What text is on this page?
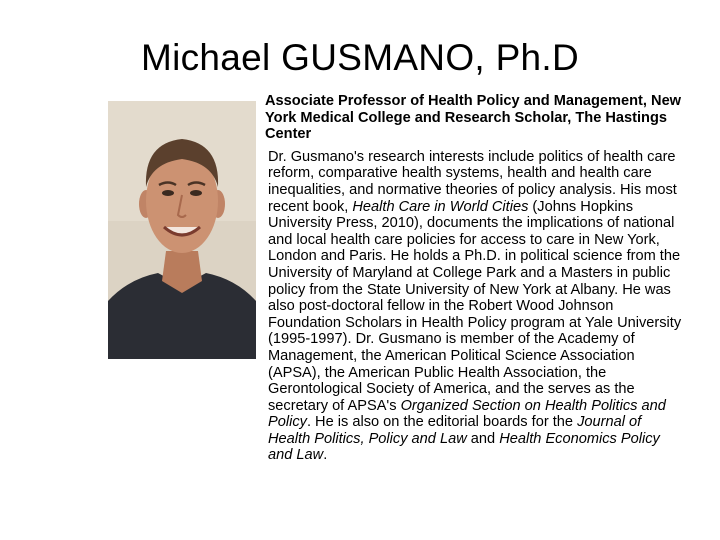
Michael GUSMANO, Ph.D

Associate Professor of Health Policy and Management, New York Medical College and Research Scholar, The Hastings Center

Dr. Gusmano's research interests include politics of health care reform, comparative health systems, health and health care inequalities, and normative theories of policy analysis. His most recent book, Health Care in World Cities (Johns Hopkins University Press, 2010), documents the implications of national and local health care policies for access to care in New York, London and Paris. He holds a Ph.D. in political science from the University of Maryland at College Park and a Masters in public policy from the State University of New York at Albany. He was also post-doctoral fellow in the Robert Wood Johnson Foundation Scholars in Health Policy program at Yale University (1995-1997). Dr. Gusmano is member of the Academy of Management, the American Political Science Association (APSA), the American Public Health Association, the Gerontological Society of America, and the serves as the secretary of APSA's Organized Section on Health Politics and Policy. He is also on the editorial boards for the Journal of Health Politics, Policy and Law and Health Economics Policy and Law.
